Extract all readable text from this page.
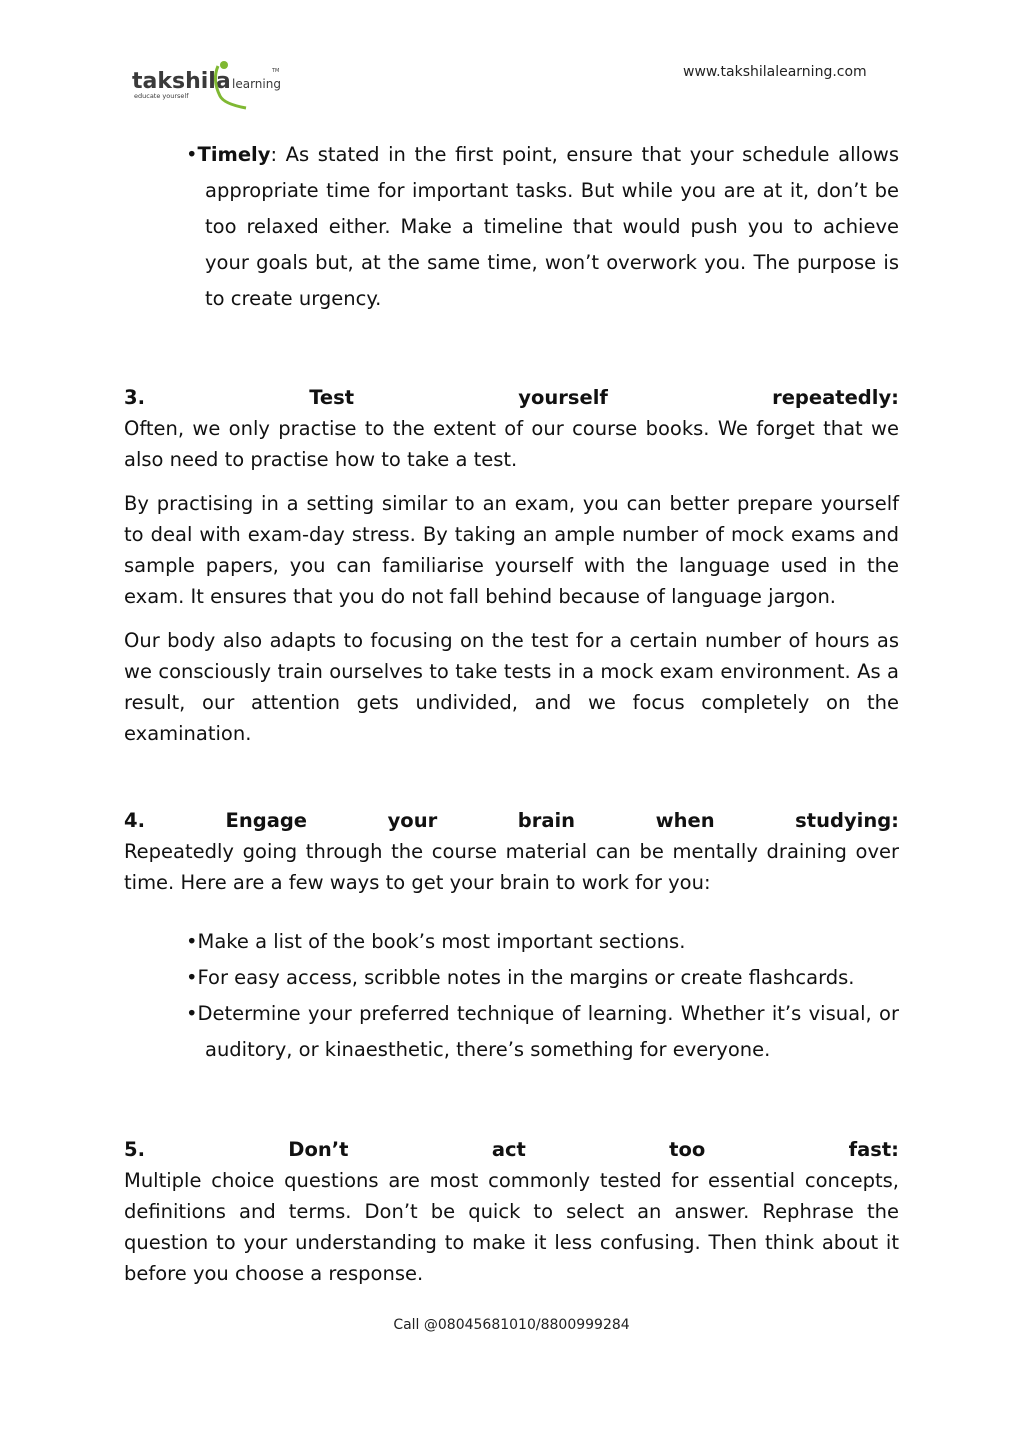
takshila learning
educate yourself
TM	www.takshilalearning.com
•Timely: As stated in the first point, ensure that your schedule allows appropriate time for important tasks. But while you are at it, don’t be too relaxed either. Make a timeline that would push you to achieve your goals but, at the same time, won’t overwork you. The purpose is to create urgency.
3.	Test	yourself	repeatedly:

Often, we only practise to the extent of our course books. We forget that we also need to practise how to take a test.

By practising in a setting similar to an exam, you can better prepare yourself to deal with exam-day stress. By taking an ample number of mock exams and sample papers, you can familiarise yourself with the language used in the exam. It ensures that you do not fall behind because of language jargon.

Our body also adapts to focusing on the test for a certain number of hours as we consciously train ourselves to take tests in a mock exam environment. As a result, our attention gets undivided, and we focus completely on the examination.

4.	Engage	your	brain	when	studying:

Repeatedly going through the course material can be mentally draining over time. Here are a few ways to get your brain to work for you:

•Make a list of the book’s most important sections.
•For easy access, scribble notes in the margins or create flashcards.
•Determine your preferred technique of learning. Whether it’s visual, or auditory, or kinaesthetic, there’s something for everyone.
5.	Don’t	act	too	fast:

Multiple choice questions are most commonly tested for essential concepts, definitions and terms. Don’t be quick to select an answer. Rephrase the question to your understanding to make it less confusing. Then think about it before you choose a response.

Call @08045681010/8800999284
